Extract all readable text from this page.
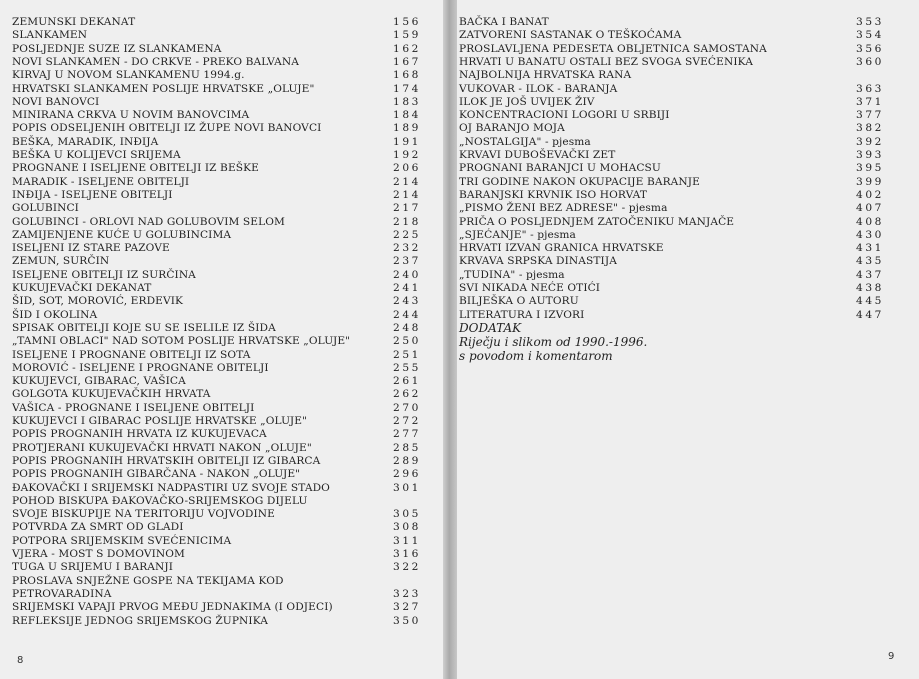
ZEMUNSKI DEKANAT	156
SLANKAMEN	159
POSLJEDNJE SUZE IZ SLANKAMENA	162
NOVI SLANKAMEN - DO CRKVE - PREKO BALVANA	167
KIRVAJ U NOVOM SLANKAMENU 1994.g.	168
HRVATSKI SLANKAMEN POSLIJE HRVATSKE „OLUJE"	174
NOVI BANOVCI	183
MINIRANA CRKVA U NOVIM BANOVCIMA	184
POPIS ODSELJENIH OBITELJI IZ ŽUPE NOVI BANOVCI	189
BEŠKA, MARADIK, INĐIJA	191
BEŠKA U KOLIJEVCI SRIJEMA	192
PROGNANE I ISELJENE OBITELJI IZ BEŠKE	206
MARADIK - ISELJENE OBITELJI	214
INĐIJA - ISELJENE OBITELJI	214
GOLUBINCI	217
GOLUBINCI - ORLOVI NAD GOLUBOVIM SELOM	218
ZAMIJENJENE KUĆE U GOLUBINCIMA	225
ISELJENI IZ STARE PAZOVE	232
ZEMUN, SURČIN	237
ISELJENE OBITELJI IZ SURČINA	240
KUKUJEVAČKI DEKANAT	241
ŠID, SOT, MOROVIĆ, ERDEVIK	243
ŠID I OKOLINA	244
SPISAK OBITELJI KOJE SU SE ISELILE IZ ŠIDA	248
„TAMNI OBLACI" NAD SOTOM POSLIJE HRVATSKE „OLUJE"	250
ISELJENE I PROGNANE OBITELJI IZ SOTA	251
MOROVIĆ - ISELJENE I PROGNANE OBITELJI	255
KUKUJEVCI, GIBARAC, VAŠICA	261
GOLGOTA KUKUJEVAČKIH HRVATA	262
VAŠICA - PROGNANE I ISELJENE OBITELJI	270
KUKUJEVCI I GIBARAC POSLIJE HRVATSKE „OLUJE"	272
POPIS PROGNANIH HRVATA IZ KUKUJEVACA	277
PROTJERANI KUKUJEVAČKI HRVATI NAKON „OLUJE"	285
POPIS PROGNANIH HRVATSKIH OBITELJI IZ GIBARCA	289
POPIS PROGNANIH GIBARČANA - NAKON „OLUJE"	296
ĐAKOVAČKI I SRIJEMSKI NADPASTIRI UZ SVOJE STADO	301
POHOD BISKUPA ĐAKOVAČKO-SRIJEMSKOG DIJELU
SVOJE BISKUPIJE NA TERITORIJU VOJVODINE	305
POTVRDA ZA SMRT OD GLADI	308
POTPORA SRIJEMSKIM SVEĆENICIMA	311
VJERA - MOST S DOMOVINOM	316
TUGA U SRIJEMU I BARANJI	322
PROSLAVA SNJEŽNE GOSPE NA TEKIJAMA KOD
PETROVARADINA	323
SRIJEMSKI VAPAJI PRVOG MEĐU JEDNAKIMA (I ODJECI)	327
REFLEKSIJE JEDNOG SRIJEMSKOG ŽUPNIKA	350
BAČKA I BANAT	353
ZATVORENI SASTANAK O TEŠKOĆAMA	354
PROSLAVLJENA PEDESETA OBLJETNICA SAMOSTANA	356
HRVATI U BANATU OSTALI BEZ SVOGA SVEĆENIKA	360
NAJBOLNIJA HRVATSKA RANA
VUKOVAR - ILOK - BARANJA	363
ILOK JE JOŠ UVIJEK ŽIV	371
KONCENTRACIONI LOGORI U SRBIJI	377
OJ BARANJO MOJA	382
„NOSTALGIJA" - pjesma	392
KRVAVI DUBOŠEVAČKI ZET	393
PROGNANI BARANJCI U MOHACSU	395
TRI GODINE NAKON OKUPACIJE BARANJE	399
BARANJSKI KRVNIK ISO HORVAT	402
„PISMO ŽENI BEZ ADRESE" - pjesma	407
PRIČA O POSLJEDNJEM ZATOČENIKU MANJAČE	408
„SJEĆANJE" - pjesma	430
HRVATI IZVAN GRANICA HRVATSKE	431
KRVAVA SRPSKA DINASTIJA	435
„TUDINA" - pjesma	437
SVI NIKADA NEĆE OTIĆI	438
BILJEŠKA O AUTORU	445
LITERATURA I IZVORI	447
DODATAK
Riječju i slikom od 1990.-1996.
s povodom i komentarom
8	9
